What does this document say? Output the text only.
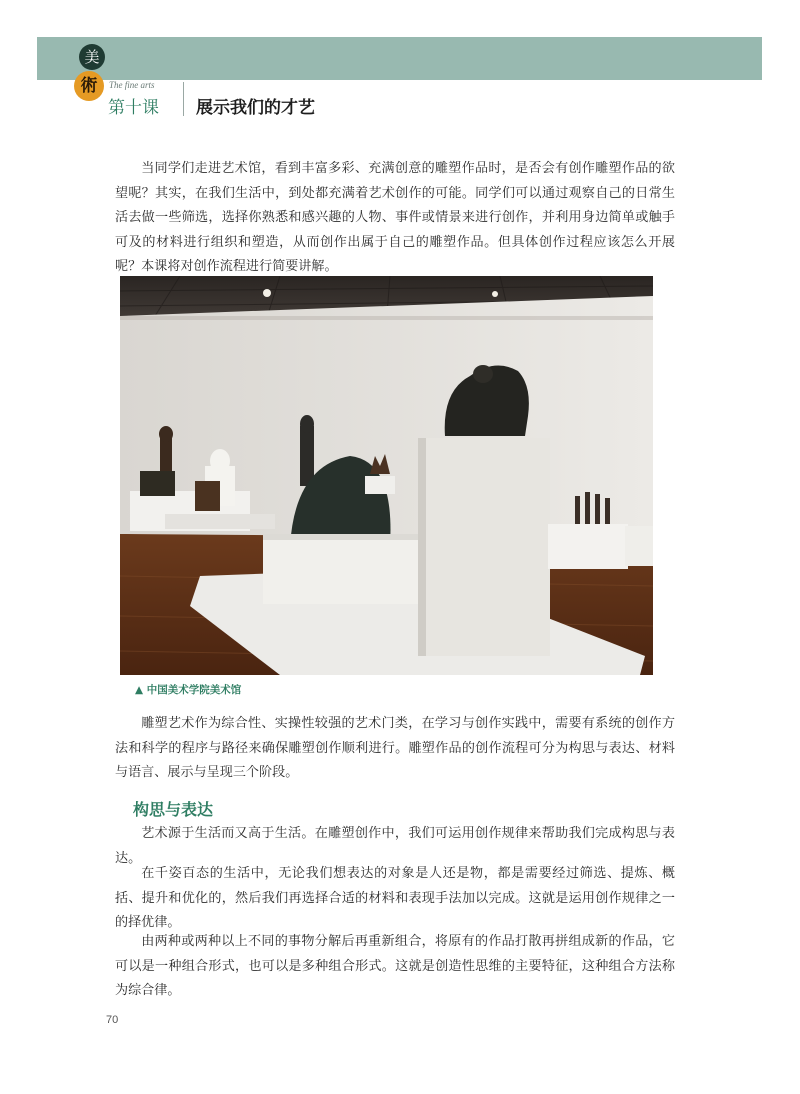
美
術	The fine arts
第十课 展示我们的才艺

当同学们走进艺术馆，看到丰富多彩、充满创意的雕塑作品时，是否会有创作雕塑作品的欲望呢？其实，在我们生活中，到处都充满着艺术创作的可能。同学们可以通过观察自己的日常生活去做一些筛选，选择你熟悉和感兴趣的人物、事件或情景来进行创作，并利用身边简单或触手可及的材料进行组织和塑造，从而创作出属于自己的雕塑作品。但具体创作过程应该怎么开展呢？本课将对创作流程进行简要讲解。

▲ 中国美术学院美术馆

雕塑艺术作为综合性、实操性较强的艺术门类，在学习与创作实践中，需要有系统的创作方法和科学的程序与路径来确保雕塑创作顺利进行。雕塑作品的创作流程可分为构思与表达、材料与语言、展示与呈现三个阶段。

构思与表达

艺术源于生活而又高于生活。在雕塑创作中，我们可运用创作规律来帮助我们完成构思与表达。

在千姿百态的生活中，无论我们想表达的对象是人还是物，都是需要经过筛选、提炼、概括、提升和优化的，然后我们再选择合适的材料和表现手法加以完成。这就是运用创作规律之一的择优律。

由两种或两种以上不同的事物分解后再重新组合，将原有的作品打散再拼组成新的作品，它可以是一种组合形式，也可以是多种组合形式。这就是创造性思维的主要特征，这种组合方法称为综合律。

70
